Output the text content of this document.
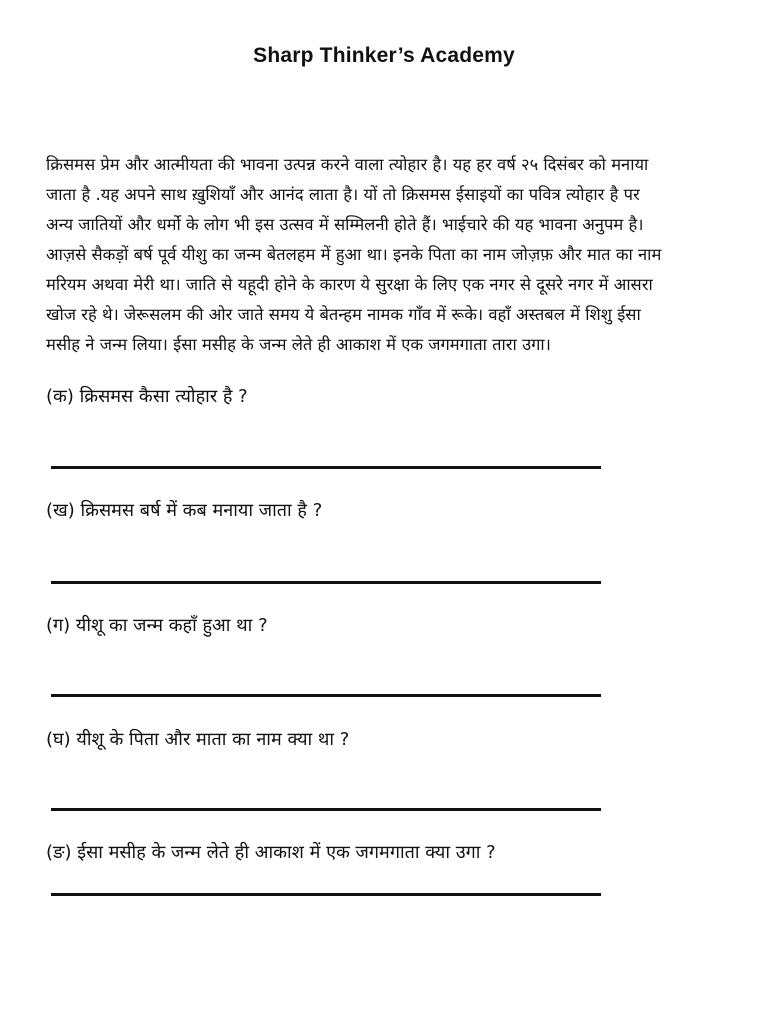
Sharp Thinker’s Academy
क्रिसमस प्रेम और आत्मीयता की भावना उत्पन्न करने वाला त्योहार है। यह हर वर्ष २५ दिसंबर को मनाया
जाता है .यह अपने साथ ख़ुशियाँ और आनंद लाता है। यों तो क्रिसमस ईसाइयों का पवित्र त्योहार है पर
अन्य जातियों और धर्मो के लोग भी इस उत्सव में सम्मिलनी होते हैं। भाईचारे की यह भावना अनुपम है।
आज़से सैकड़ों बर्ष पूर्व यीशु का जन्म बेतलहम में हुआ था। इनके पिता का नाम जोज़फ़ और मात का नाम
मरियम अथवा मेरी था। जाति से यहूदी होने के कारण ये सुरक्षा के लिए एक नगर से दूसरे नगर में आसरा
खोज रहे थे। जेरूसलम की ओर जाते समय ये बेतन्हम नामक गाँव में रूके। वहाँ अस्तबल में शिशु ईसा
मसीह ने जन्म लिया। ईसा मसीह के जन्म लेते ही आकाश में एक जगमगाता तारा उगा।
(क) क्रिसमस कैसा त्योहार है ?
(ख) क्रिसमस बर्ष में कब मनाया जाता है ?
(ग) यीशू का जन्म कहाँ हुआ था ?
(घ) यीशू के पिता और माता का नाम क्या था ?
(ङ) ईसा मसीह के जन्म लेते ही आकाश में एक जगमगाता क्या उगा ?
